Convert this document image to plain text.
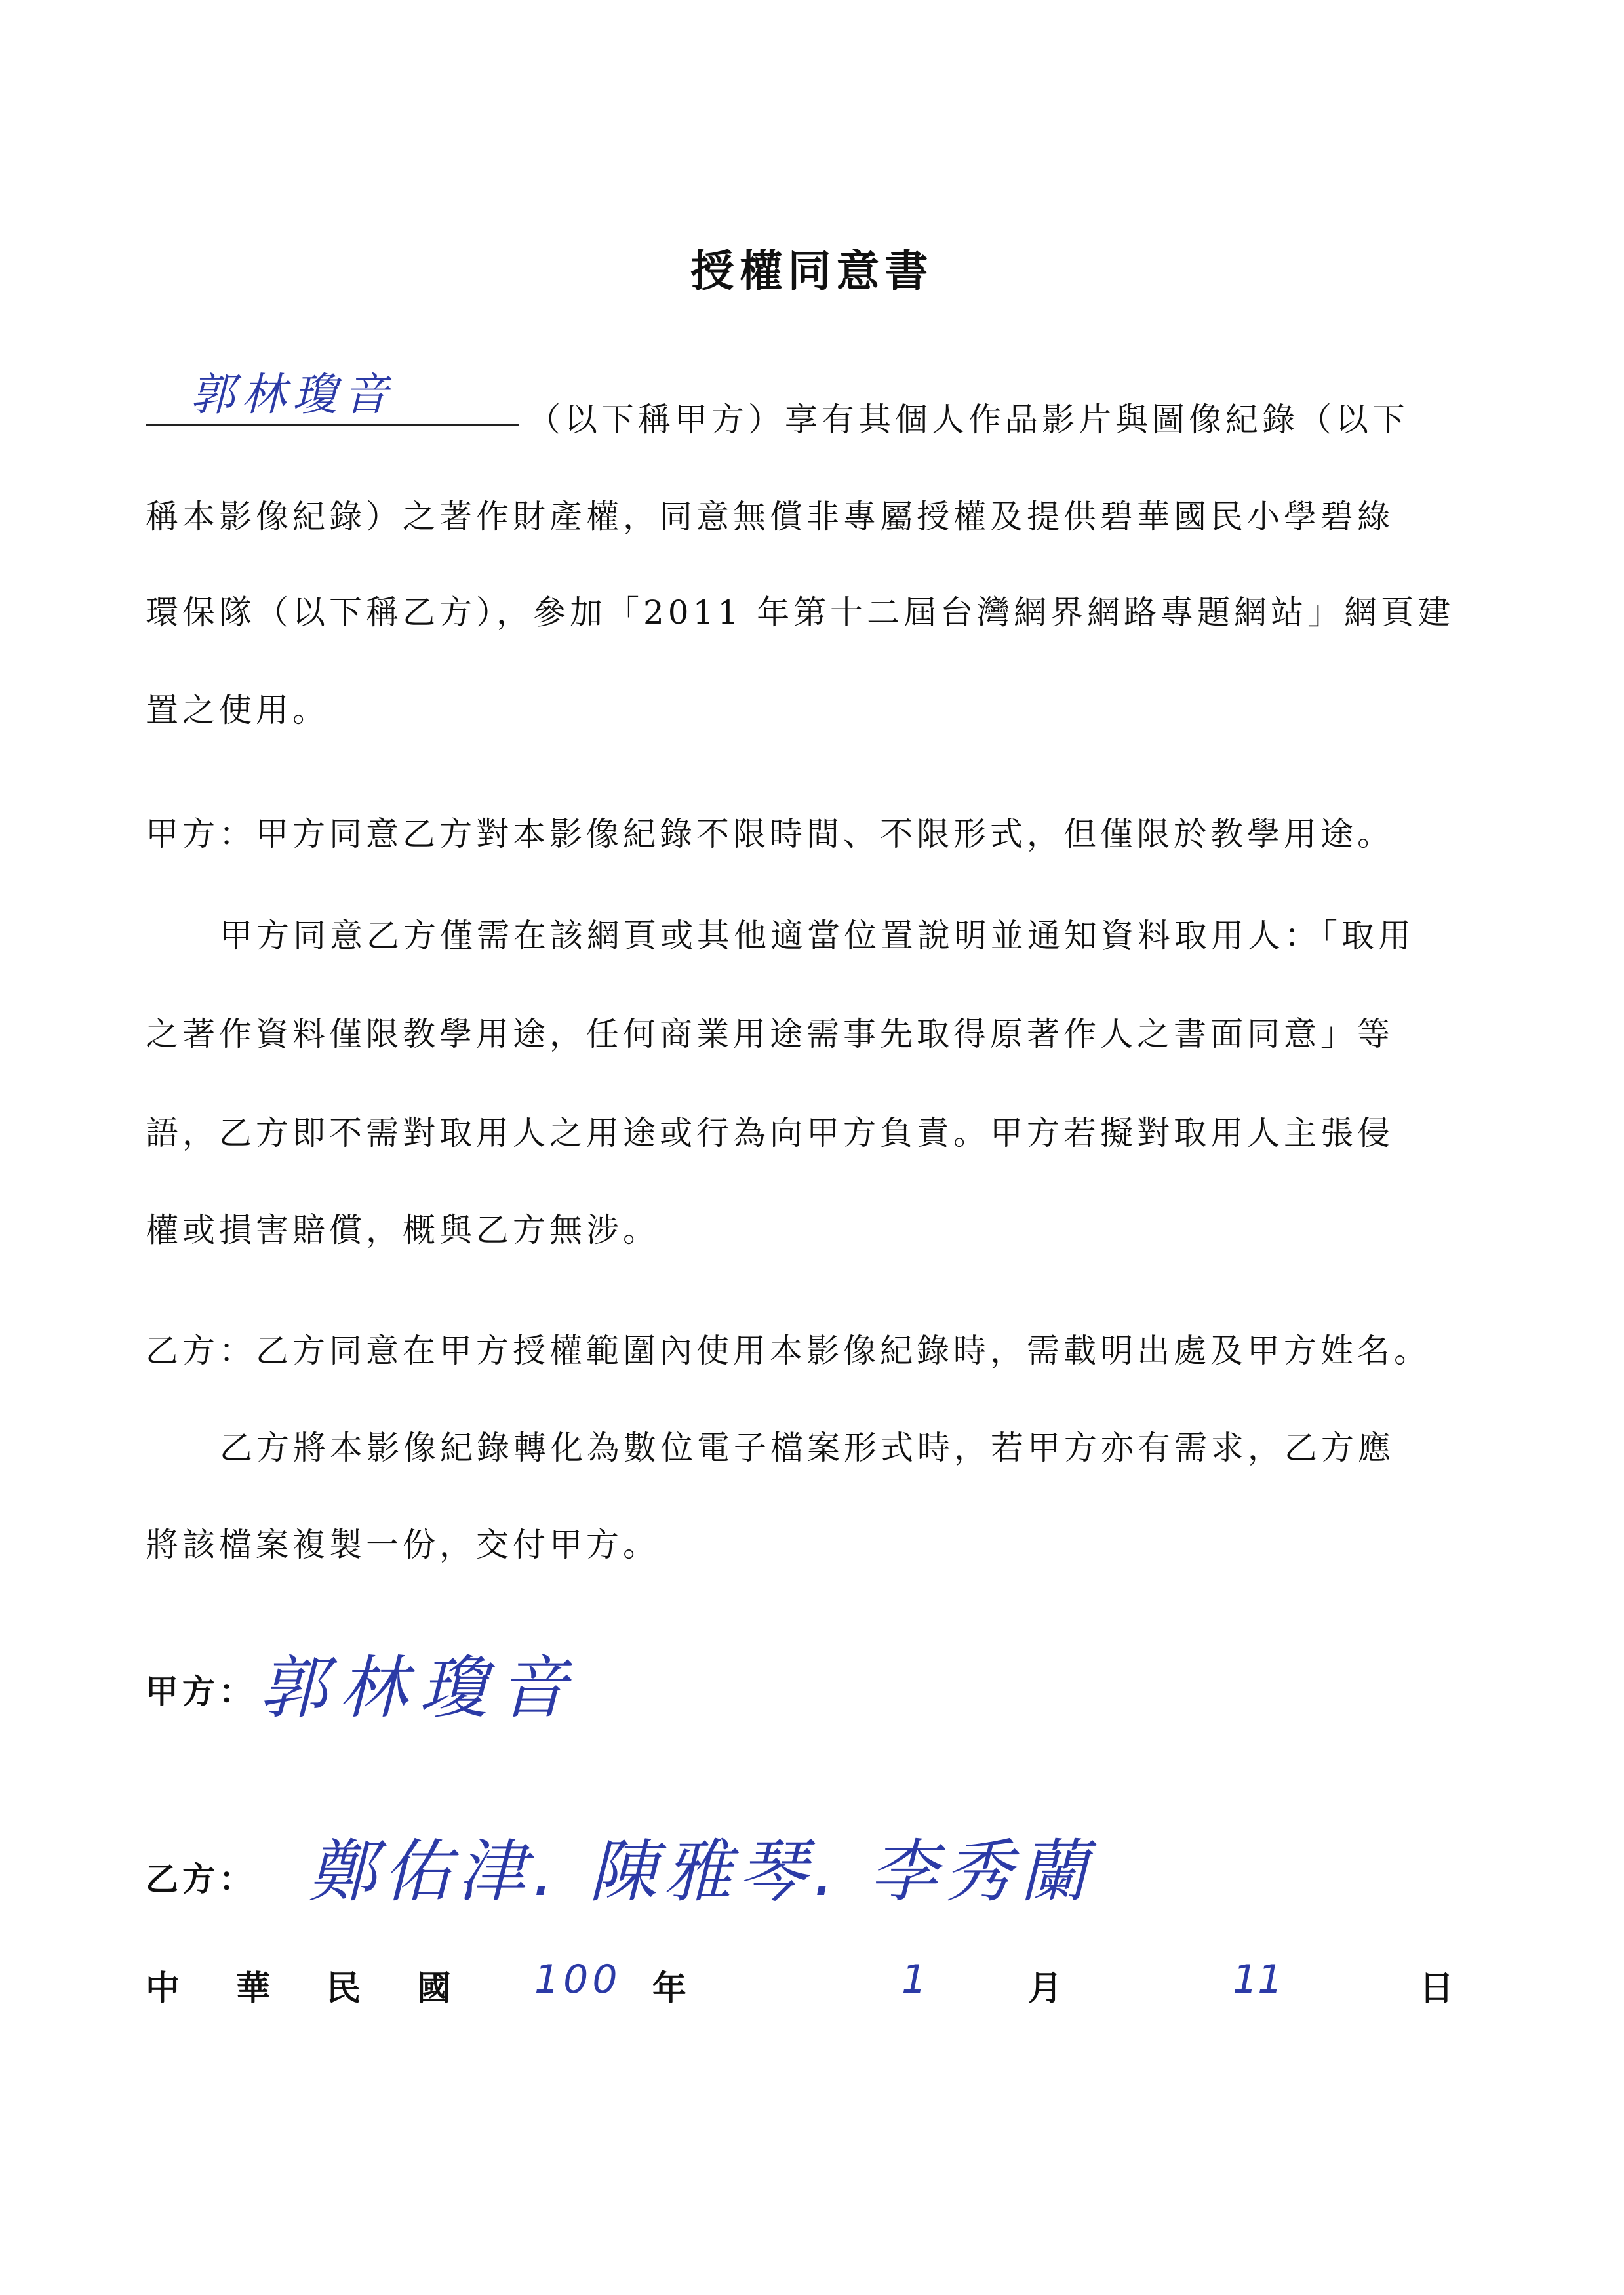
授權同意書
郭林瓊音	（以下稱甲方）享有其個人作品影片與圖像紀錄（以下
稱本影像紀錄）之著作財產權，同意無償非專屬授權及提供碧華國民小學碧綠
環保隊（以下稱乙方），參加「2011 年第十二屆台灣網界網路專題網站」網頁建
置之使用。
甲方：甲方同意乙方對本影像紀錄不限時間、不限形式，但僅限於教學用途。
甲方同意乙方僅需在該網頁或其他適當位置說明並通知資料取用人：「取用
之著作資料僅限教學用途，任何商業用途需事先取得原著作人之書面同意」等
語，乙方即不需對取用人之用途或行為向甲方負責。甲方若擬對取用人主張侵
權或損害賠償，概與乙方無涉。
乙方：乙方同意在甲方授權範圍內使用本影像紀錄時，需載明出處及甲方姓名。
乙方將本影像紀錄轉化為數位電子檔案形式時，若甲方亦有需求，乙方應
將該檔案複製一份，交付甲方。
甲方： 郭林瓊音
乙方： 鄭佑津. 陳雅琴. 李秀蘭
中 華 民 國 100 年	1	月	11	日
